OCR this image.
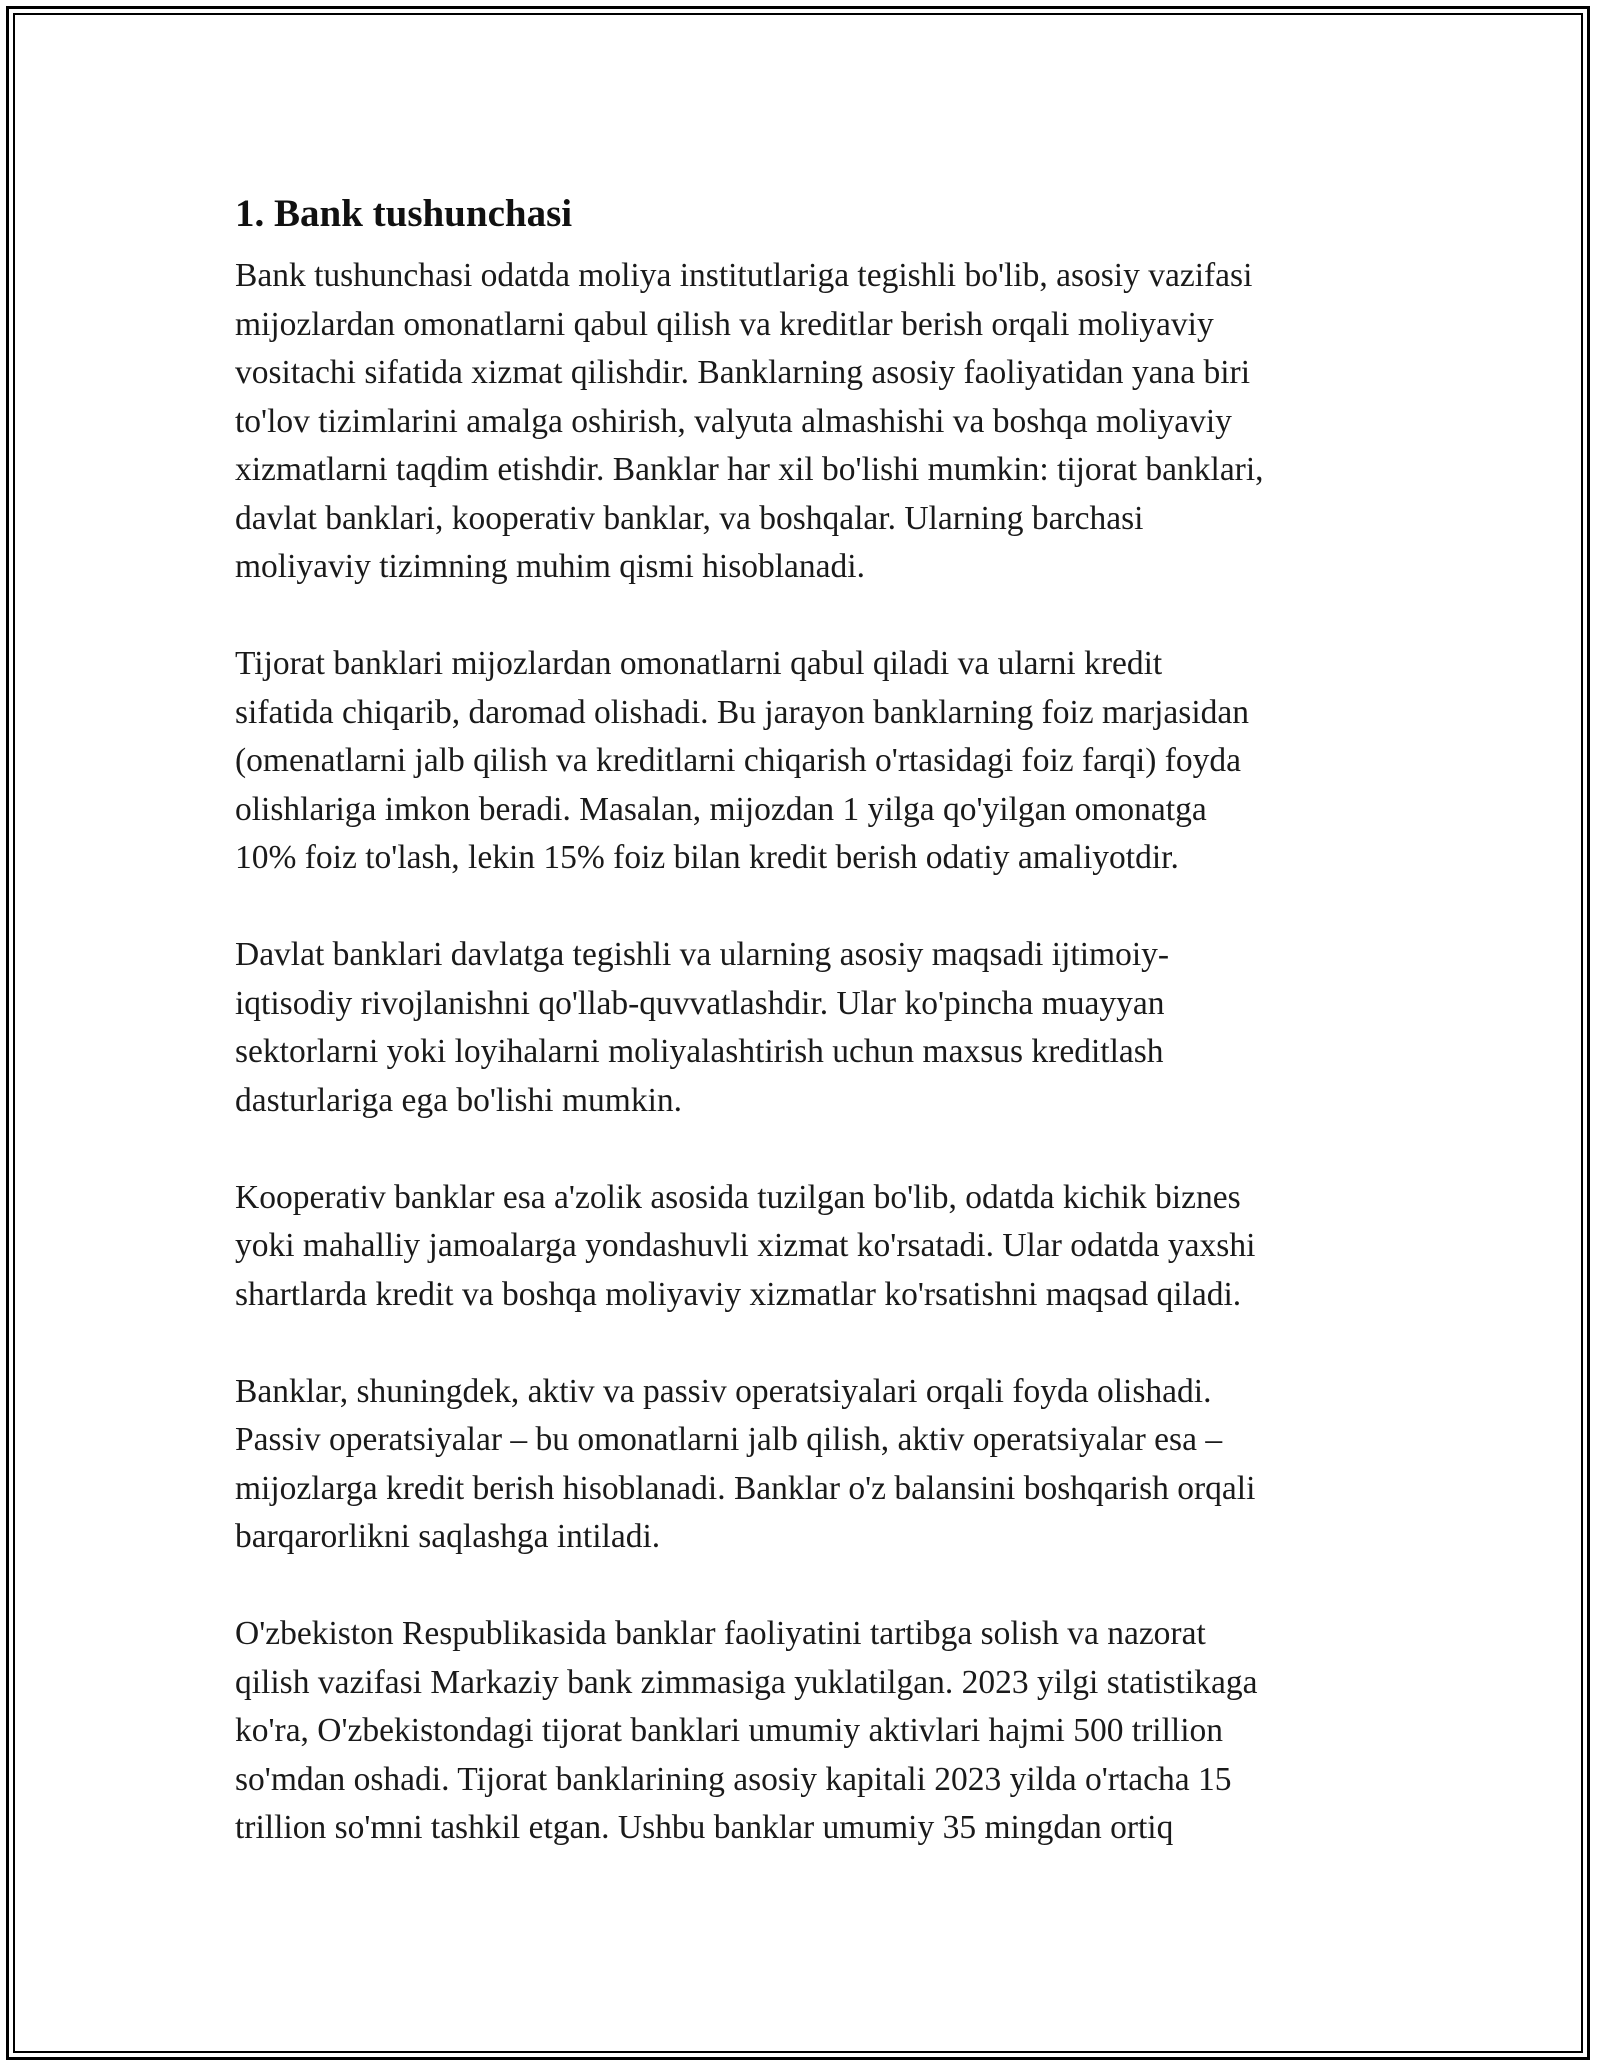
1. Bank tushunchasi
Bank tushunchasi odatda moliya institutlariga tegishli bo'lib, asosiy vazifasi
mijozlardan omonatlarni qabul qilish va kreditlar berish orqali moliyaviy
vositachi sifatida xizmat qilishdir. Banklarning asosiy faoliyatidan yana biri
to'lov tizimlarini amalga oshirish, valyuta almashishi va boshqa moliyaviy
xizmatlarni taqdim etishdir. Banklar har xil bo'lishi mumkin: tijorat banklari,
davlat banklari, kooperativ banklar, va boshqalar. Ularning barchasi
moliyaviy tizimning muhim qismi hisoblanadi.
Tijorat banklari mijozlardan omonatlarni qabul qiladi va ularni kredit
sifatida chiqarib, daromad olishadi. Bu jarayon banklarning foiz marjasidan
(omenatlarni jalb qilish va kreditlarni chiqarish o'rtasidagi foiz farqi) foyda
olishlariga imkon beradi. Masalan, mijozdan 1 yilga qo'yilgan omonatga
10% foiz to'lash, lekin 15% foiz bilan kredit berish odatiy amaliyotdir.
Davlat banklari davlatga tegishli va ularning asosiy maqsadi ijtimoiy-
iqtisodiy rivojlanishni qo'llab-quvvatlashdir. Ular ko'pincha muayyan
sektorlarni yoki loyihalarni moliyalashtirish uchun maxsus kreditlash
dasturlariga ega bo'lishi mumkin.
Kooperativ banklar esa a'zolik asosida tuzilgan bo'lib, odatda kichik biznes
yoki mahalliy jamoalarga yondashuvli xizmat ko'rsatadi. Ular odatda yaxshi
shartlarda kredit va boshqa moliyaviy xizmatlar ko'rsatishni maqsad qiladi.
Banklar, shuningdek, aktiv va passiv operatsiyalari orqali foyda olishadi.
Passiv operatsiyalar – bu omonatlarni jalb qilish, aktiv operatsiyalar esa –
mijozlarga kredit berish hisoblanadi. Banklar o'z balansini boshqarish orqali
barqarorlikni saqlashga intiladi.
O'zbekiston Respublikasida banklar faoliyatini tartibga solish va nazorat
qilish vazifasi Markaziy bank zimmasiga yuklatilgan. 2023 yilgi statistikaga
ko'ra, O'zbekistondagi tijorat banklari umumiy aktivlari hajmi 500 trillion
so'mdan oshadi. Tijorat banklarining asosiy kapitali 2023 yilda o'rtacha 15
trillion so'mni tashkil etgan. Ushbu banklar umumiy 35 mingdan ortiq
